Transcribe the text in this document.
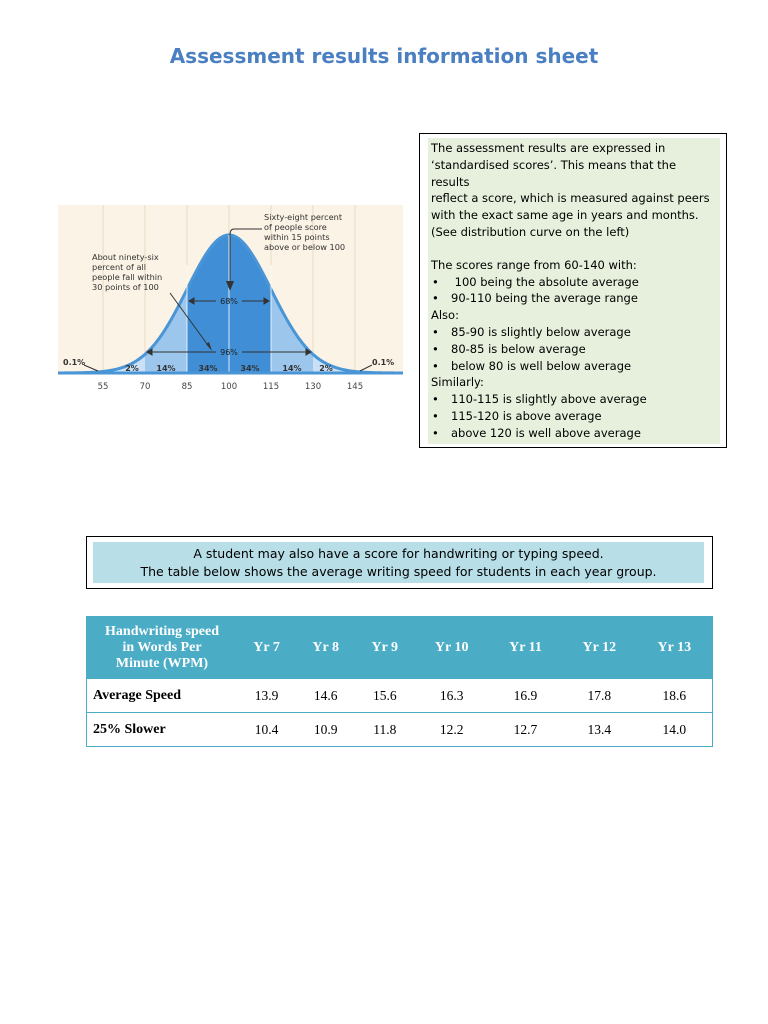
Assessment results information sheet
68%
96%
Sixty-eight percent
of people score
within 15 points
above or below 100
About ninety-six
percent of all
people fall within
30 points of 100
0.1%	0.1%
2% 14%	34%	34%	14% 2%
55	70	85	100	115	130	145

The assessment results are expressed in

‘standardised scores’. This means that the results

reflect a score, which is measured against peers

with the exact same age in years and months.

(See distribution curve on the left)

The scores range from 60-140 with:

•
100 being the absolute average
•
90-110 being the average range

Also:

•
85-90 is slightly below average
•
80-85 is below average
•
below 80 is well below average

Similarly:

•
110-115 is slightly above average
•
115-120 is above average
•
above 120 is well above average
A student may also have a score for handwriting or typing speed.
The table below shows the average writing speed for students in each year group.
Handwriting speed
in Words Per
Minute (WPM)	Yr 7	Yr 8	Yr 9	Yr 10	Yr 11	Yr 12	Yr 13
Average Speed	13.9	14.6	15.6	16.3	16.9	17.8	18.6
25% Slower	10.4	10.9	11.8	12.2	12.7	13.4	14.0
